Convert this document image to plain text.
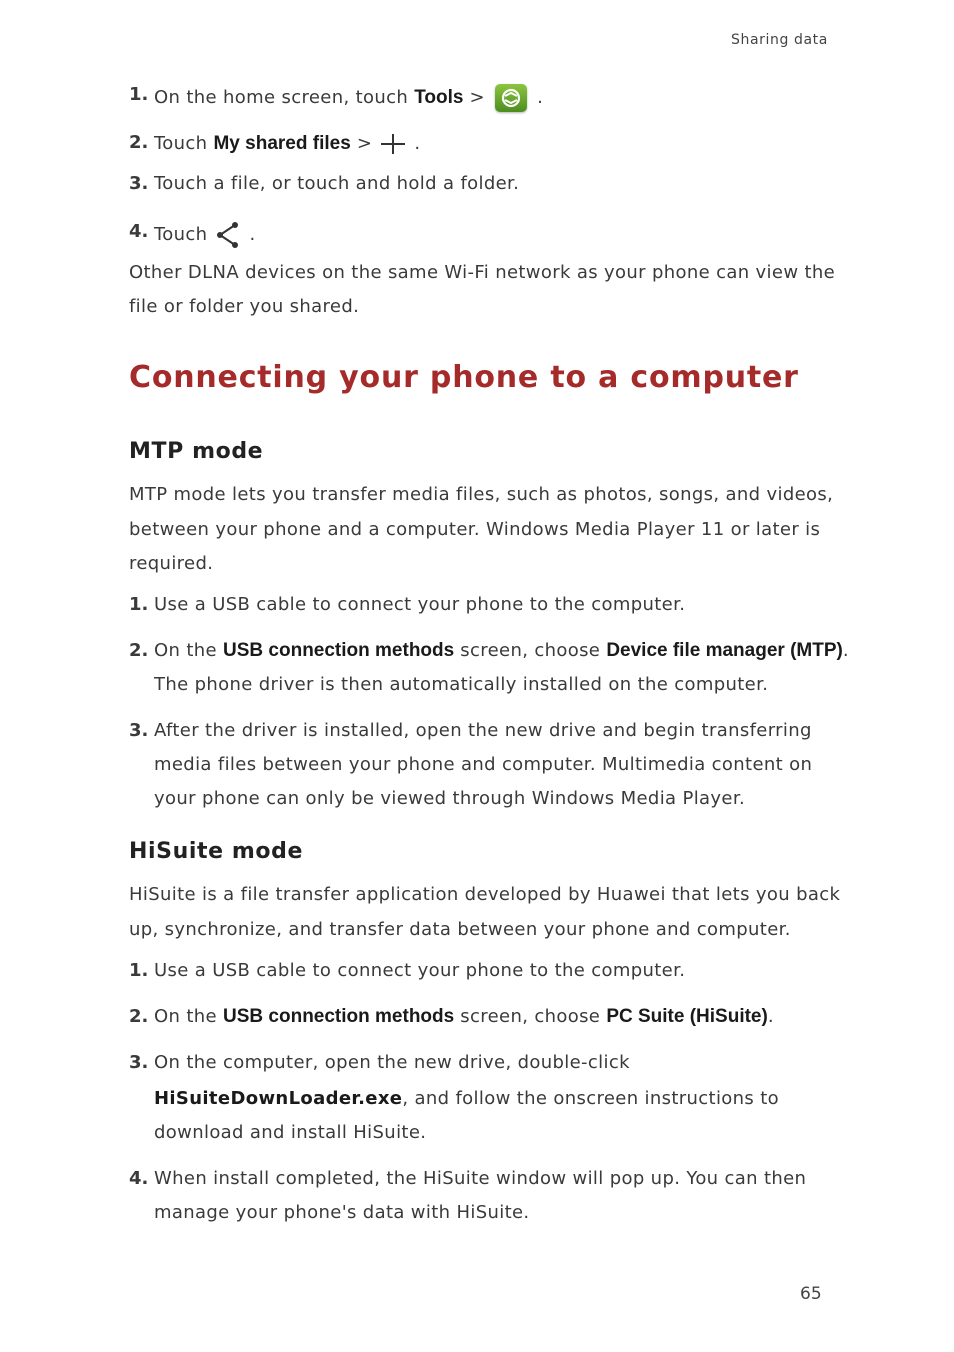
Sharing data
1. On the home screen, touch Tools >
.
2. Touch My shared files >  .
3. Touch a file, or touch and hold a folder.
4. Touch  .
Other DLNA devices on the same Wi-Fi network as your phone can view the
file or folder you shared.
Connecting your phone to a computer
MTP mode
MTP mode lets you transfer media files, such as photos, songs, and videos,
between your phone and a computer. Windows Media Player 11 or later is
required.
1. Use a USB cable to connect your phone to the computer.
2. On the USB connection methods screen, choose Device file manager (MTP).
The phone driver is then automatically installed on the computer.
3. After the driver is installed, open the new drive and begin transferring
media files between your phone and computer. Multimedia content on
your phone can only be viewed through Windows Media Player.
HiSuite mode
HiSuite is a file transfer application developed by Huawei that lets you back
up, synchronize, and transfer data between your phone and computer.
1. Use a USB cable to connect your phone to the computer.
2. On the USB connection methods screen, choose PC Suite (HiSuite).
3. On the computer, open the new drive, double-click
HiSuiteDownLoader.exe, and follow the onscreen instructions to
download and install HiSuite.
4. When install completed, the HiSuite window will pop up. You can then
manage your phone's data with HiSuite.
65
